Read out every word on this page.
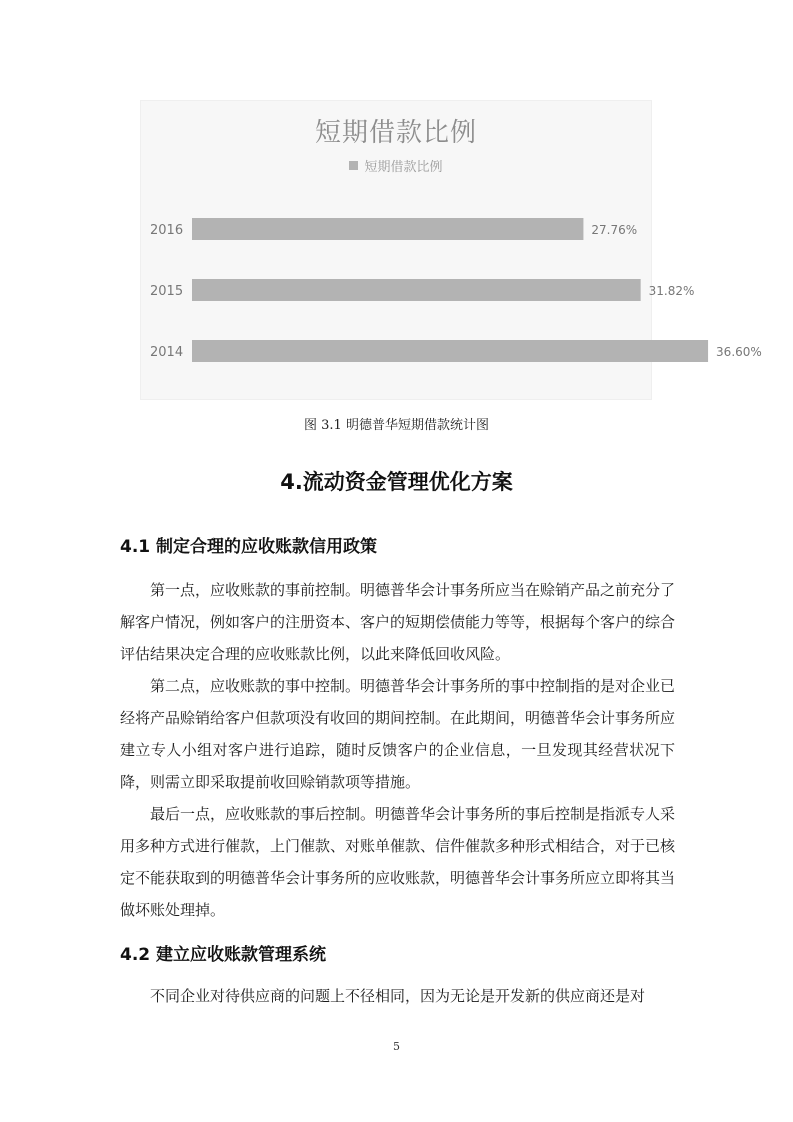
2016	27.76%
2015	31.82%
2014	36.60%
短期借款比例
短期借款比例
图 3.1 明德普华短期借款统计图
4.流动资金管理优化方案
4.1 制定合理的应收账款信用政策

第一点，应收账款的事前控制。明德普华会计事务所应当在赊销产品之前充分了解客户情况，例如客户的注册资本、客户的短期偿债能力等等，根据每个客户的综合评估结果决定合理的应收账款比例，以此来降低回收风险。

第二点，应收账款的事中控制。明德普华会计事务所的事中控制指的是对企业已经将产品赊销给客户但款项没有收回的期间控制。在此期间，明德普华会计事务所应建立专人小组对客户进行追踪，随时反馈客户的企业信息，一旦发现其经营状况下降，则需立即采取提前收回赊销款项等措施。

最后一点，应收账款的事后控制。明德普华会计事务所的事后控制是指派专人采用多种方式进行催款，上门催款、对账单催款、信件催款多种形式相结合，对于已核定不能获取到的明德普华会计事务所的应收账款，明德普华会计事务所应立即将其当做坏账处理掉。

4.2 建立应收账款管理系统

不同企业对待供应商的问题上不径相同，因为无论是开发新的供应商还是对

5
